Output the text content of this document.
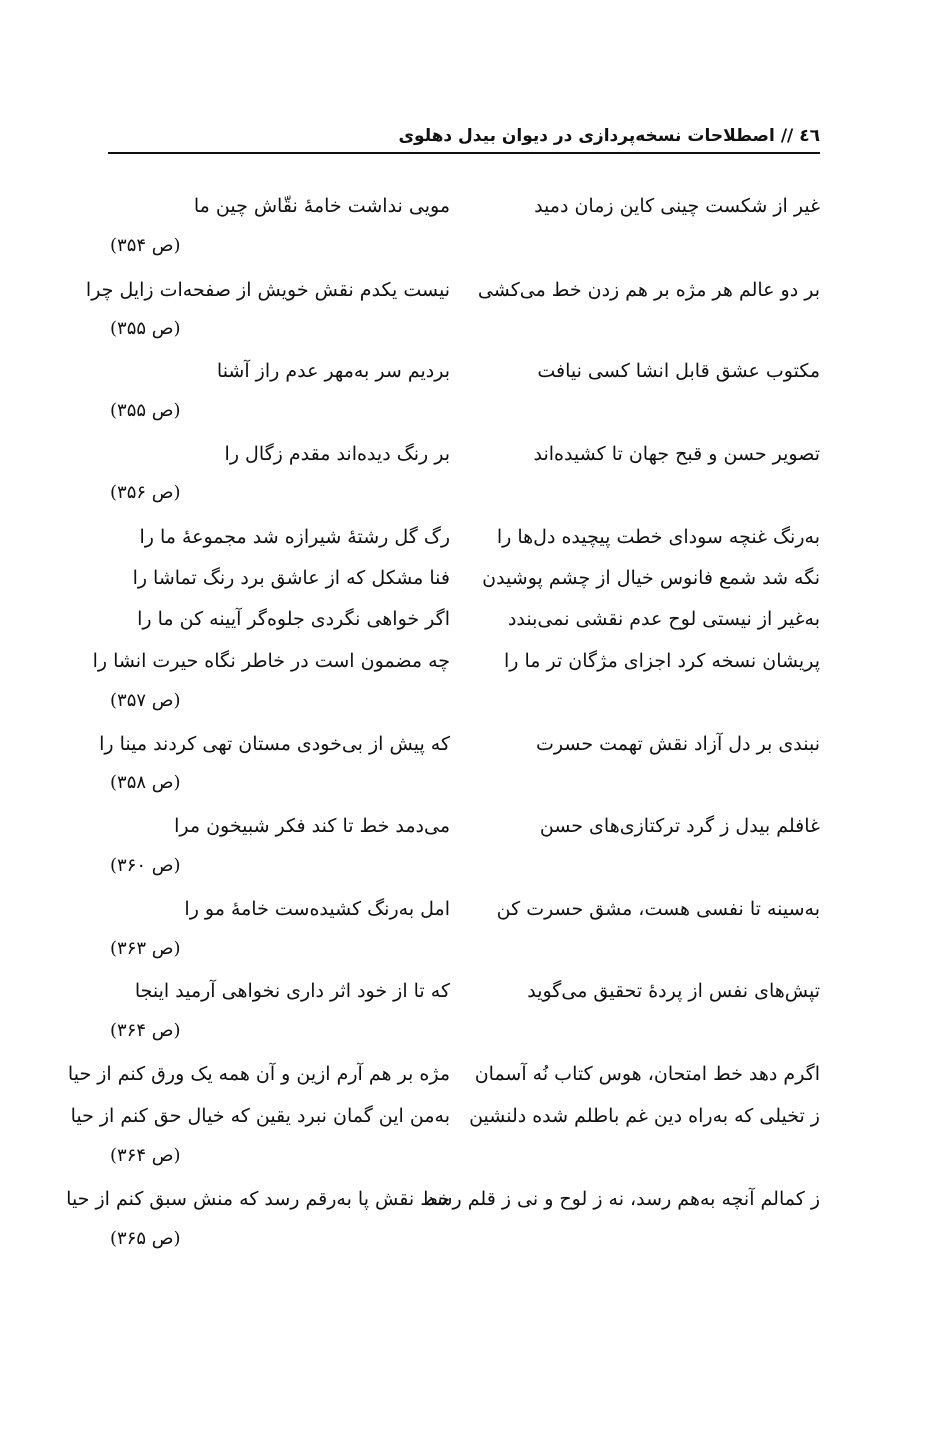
٤٦
//
اصطلاحات نسخه‌پردازی در دیوان بیدل دهلوی
غیر از شکست چینی کاین زمان دمید
مویی نداشت خامهٔ نقّاش چین ما
(ص ۳۵۴)
بر دو عالم هر مژه بر هم زدن خط می‌کشی
نیست یکدم نقش خویش از صفحه‌ات زایل چرا
(ص ۳۵۵)
مکتوب عشق قابل انشا کسی نیافت
بردیم سر به‌مهر عدم راز آشنا
(ص ۳۵۵)
تصویر حسن و قبح جهان تا کشیده‌اند
بر رنگ دیده‌اند مقدم زگال را
(ص ۳۵۶)
به‌رنگ غنچه سودای خطت پیچیده دل‌ها را
رگ گل رشتهٔ شیرازه شد مجموعهٔ ما را
نگه شد شمع فانوس خیال از چشم پوشیدن
فنا مشکل که از عاشق برد رنگ تماشا را
به‌غیر از نیستی لوح عدم نقشی نمی‌بندد
اگر خواهی نگردی جلوه‌گر آیینه کن ما را
پریشان نسخه کرد اجزای مژگان تر ما را
چه مضمون است در خاطر نگاه حیرت انشا را
(ص ۳۵۷)
نبندی بر دل آزاد نقش تهمت حسرت
که پیش از بی‌خودی مستان تهی کردند مینا را
(ص ۳۵۸)
غافلم بیدل ز گرد ترکتازی‌های حسن
می‌دمد خط تا کند فکر شبیخون مرا
(ص ۳۶۰)
به‌سینه تا نفسی هست، مشق حسرت کن
امل به‌رنگ کشیده‌ست خامهٔ مو را
(ص ۳۶۳)
تپش‌های نفس از پردهٔ تحقیق می‌گوید
که تا از خود اثر داری نخواهی آرمید اینجا
(ص ۳۶۴)
اگرم دهد خط امتحان، هوس کتاب نُه آسمان
مژه بر هم آرم ازین و آن همه یک ورق کنم از حیا
ز تخیلی که به‌راه دین غم باطلم شده دلنشین
به‌من این گمان نبرد یقین که خیال حق کنم از حیا
(ص ۳۶۴)
ز کمالم آنچه به‌هم رسد، نه ز لوح و نی ز قلم رسد
خط نقش پا به‌رقم رسد که منش سبق کنم از حیا
(ص ۳۶۵)
